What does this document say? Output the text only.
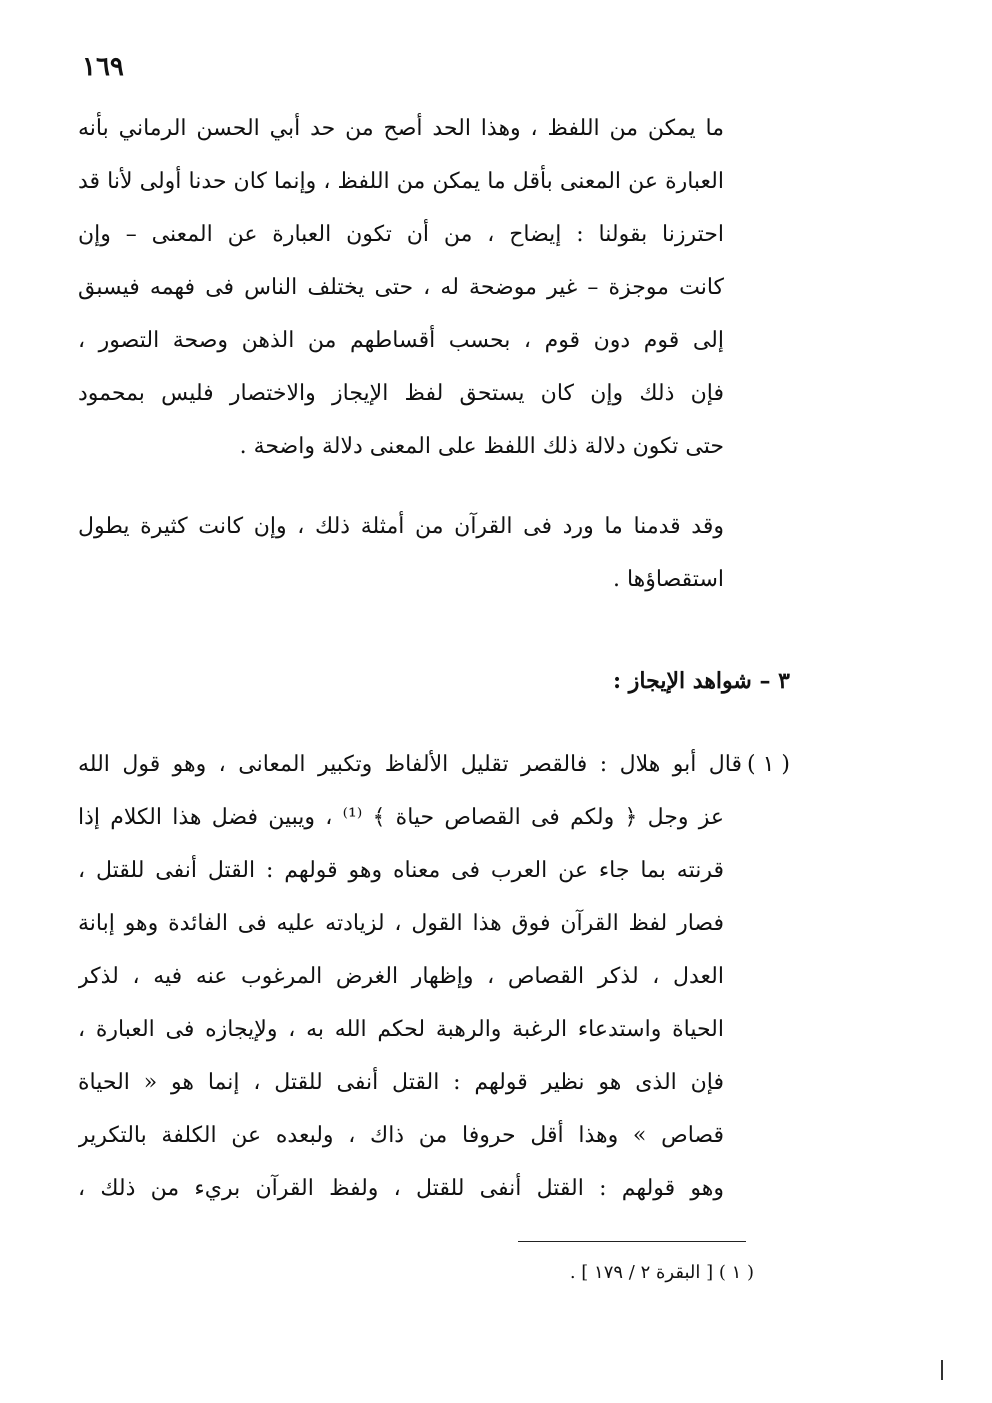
١٦٩
ما يمكن من اللفظ ، وهذا الحد أصح من حد أبي الحسن الرماني بأنه
العبارة عن المعنى بأقل ما يمكن من اللفظ ، وإنما كان حدنا أولى لأنا قد
احترزنا بقولنا : إيضاح ، من أن تكون العبارة عن المعنى – وإن
كانت موجزة – غير موضحة له ، حتى يختلف الناس فى فهمه فيسبق
إلى قوم دون قوم ، بحسب أقساطهم من الذهن وصحة التصور ،
فإن ذلك وإن كان يستحق لفظ الإيجاز والاختصار فليس بمحمود
حتى تكون دلالة ذلك اللفظ على المعنى دلالة واضحة .
وقد قدمنا ما ورد فى القرآن من أمثلة ذلك ، وإن كانت كثيرة يطول
استقصاؤها .
٣ – شواهد الإيجاز :
( ١ )
قال أبو هلال : فالقصر تقليل الألفاظ وتكبير المعانى ، وهو قول الله
عز وجل ﴿ ولكم فى القصاص حياة ﴾ ⁽¹⁾ ، ويبين فضل هذا الكلام إذا
قرنته بما جاء عن العرب فى معناه وهو قولهم : القتل أنفى للقتل ،
فصار لفظ القرآن فوق هذا القول ، لزيادته عليه فى الفائدة وهو إبانة
العدل ، لذكر القصاص ، وإظهار الغرض المرغوب عنه فيه ، لذكر
الحياة واستدعاء الرغبة والرهبة لحكم الله به ، ولإيجازه فى العبارة ،
فإن الذى هو نظير قولهم : القتل أنفى للقتل ، إنما هو « الحياة
قصاص » وهذا أقل حروفا من ذاك ، ولبعده عن الكلفة بالتكرير
وهو قولهم : القتل أنفى للقتل ، ولفظ القرآن بريء من ذلك ،

( ١ ) [ البقرة ٢ / ١٧٩ ] .
